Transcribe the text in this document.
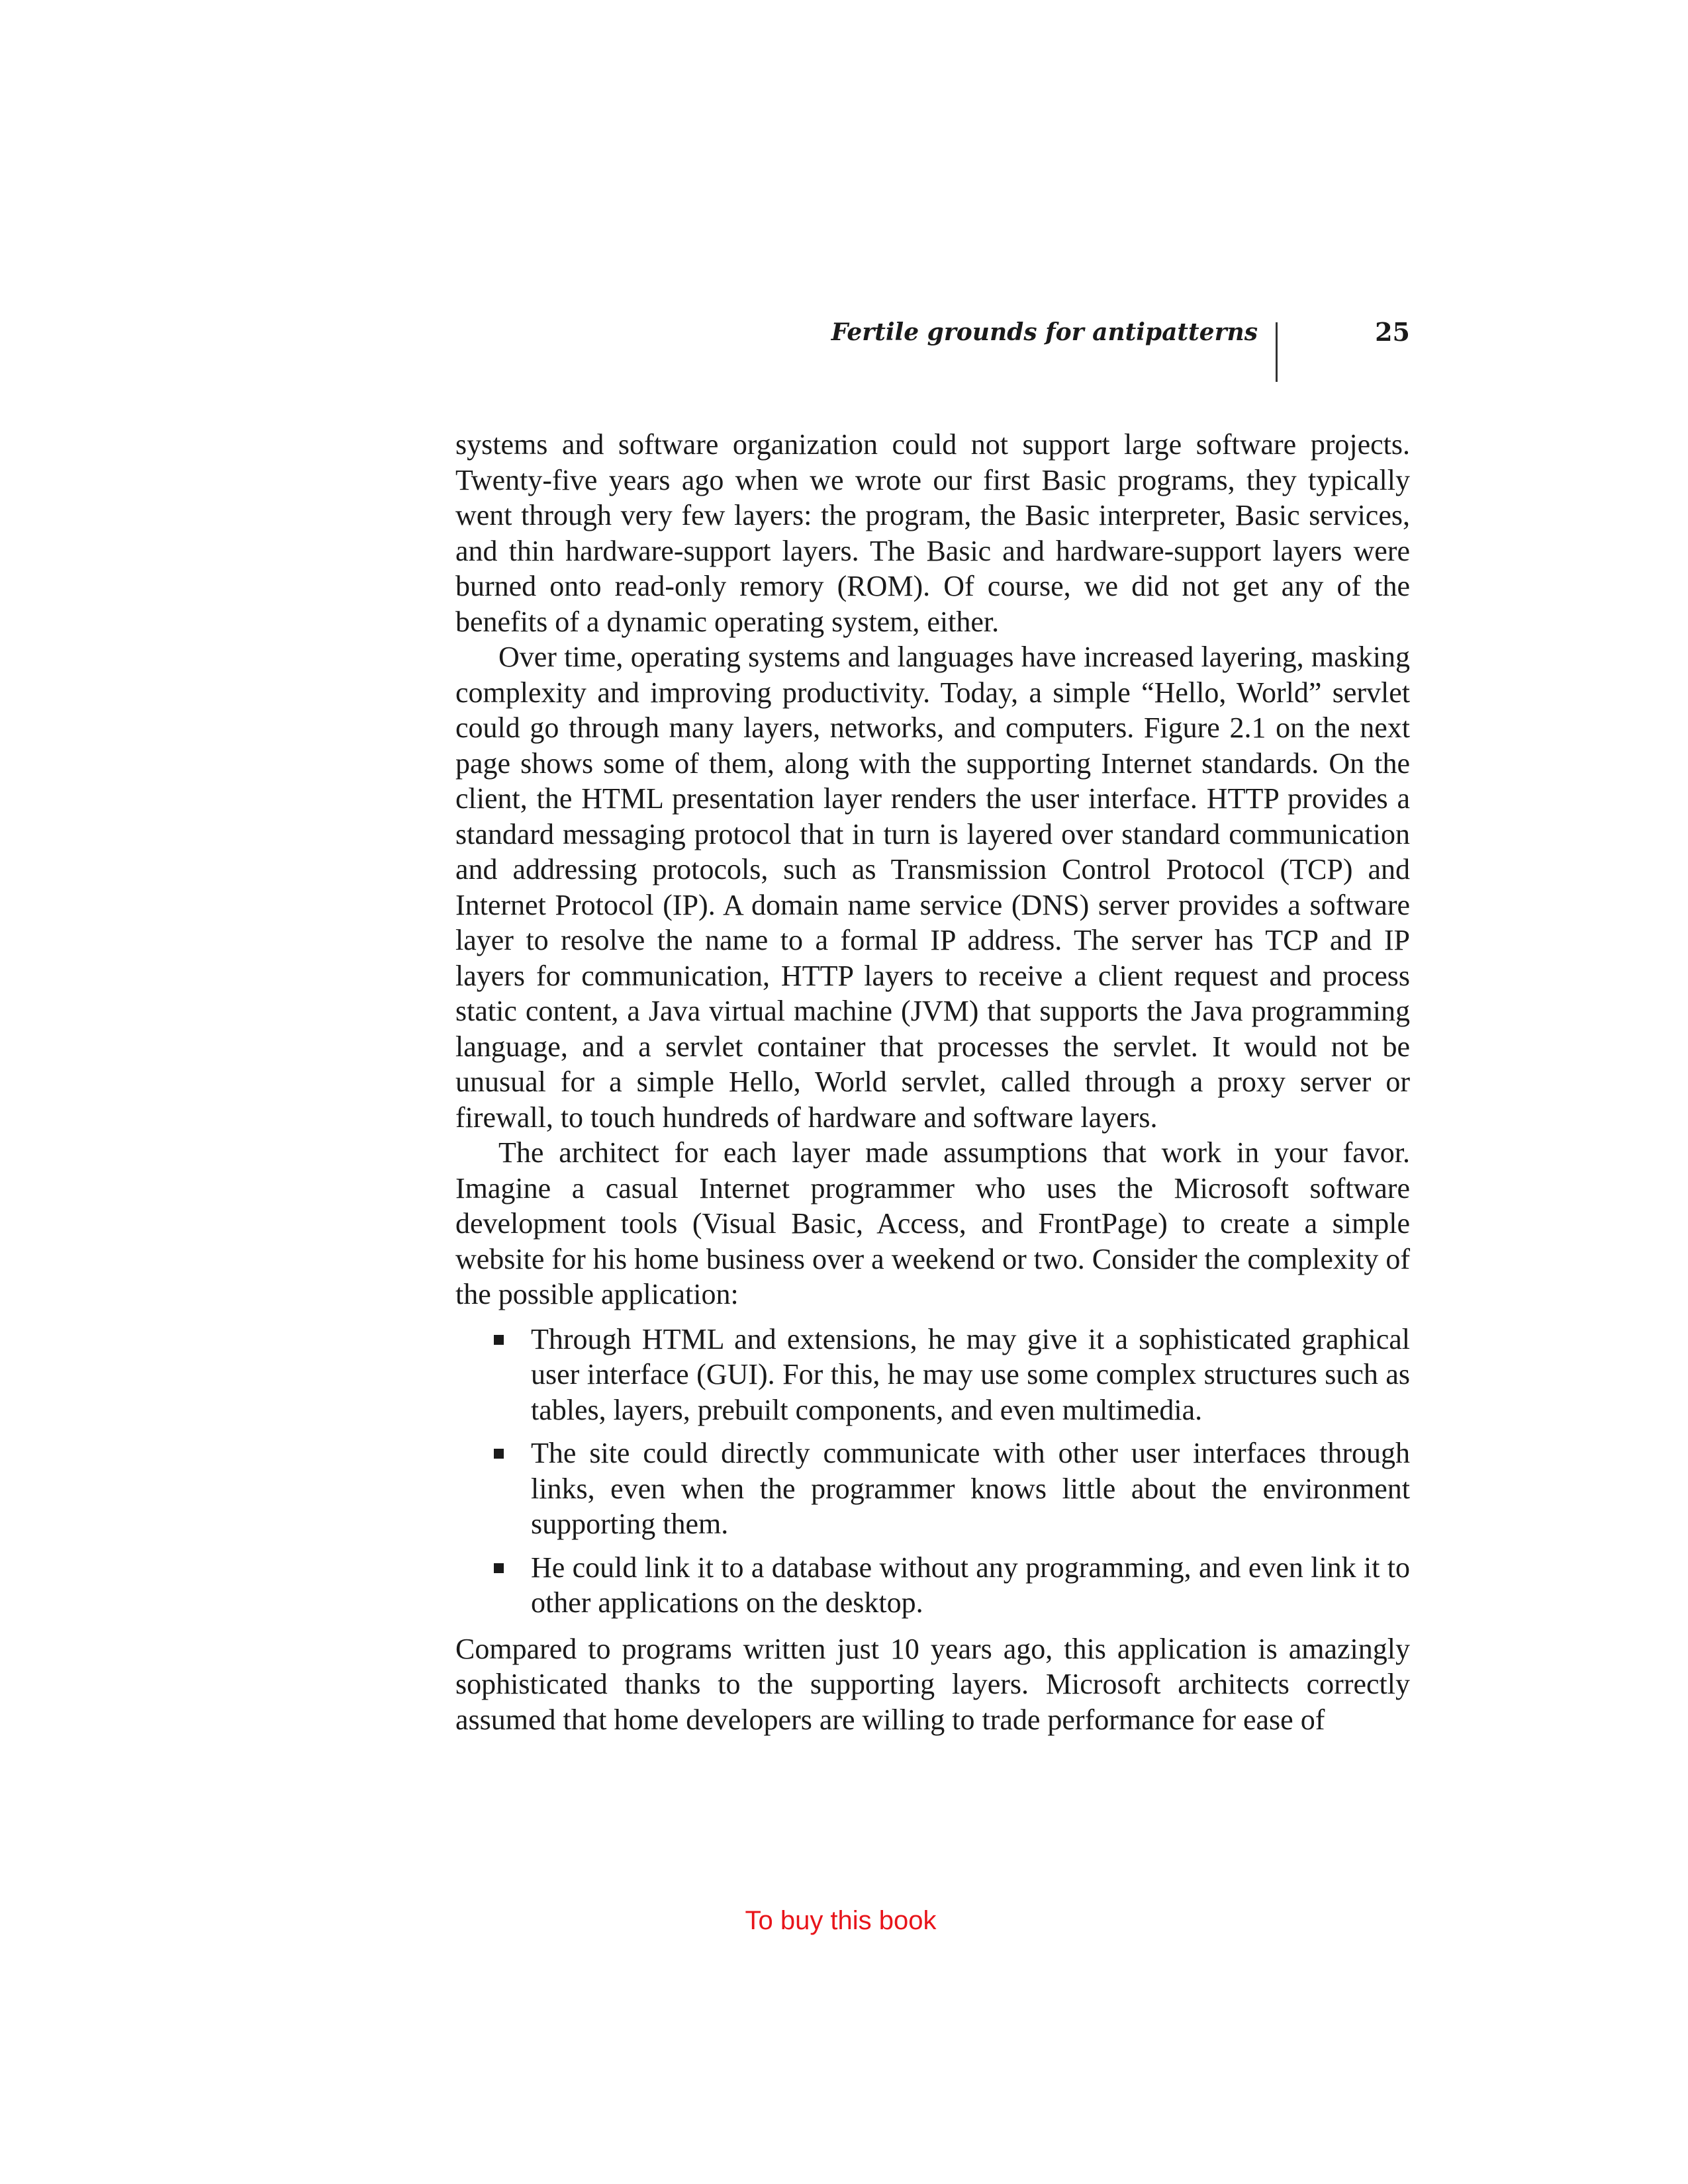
Fertile grounds for antipatterns	25

systems and software organization could not support large software projects. Twenty-five years ago when we wrote our first Basic programs, they typically went through very few layers: the program, the Basic interpreter, Basic services, and thin hardware-support layers. The Basic and hardware-support layers were burned onto read-only remory (ROM). Of course, we did not get any of the benefits of a dynamic operating system, either.

Over time, operating systems and languages have increased layering, masking complexity and improving productivity. Today, a simple “Hello, World” servlet could go through many layers, networks, and computers. Figure 2.1 on the next page shows some of them, along with the supporting Internet standards. On the client, the HTML presentation layer renders the user interface. HTTP provides a standard messaging protocol that in turn is layered over standard communication and addressing protocols, such as Transmission Control Protocol (TCP) and Internet Protocol (IP). A domain name service (DNS) server provides a software layer to resolve the name to a formal IP address. The server has TCP and IP layers for communication, HTTP layers to receive a client request and process static content, a Java virtual machine (JVM) that supports the Java programming language, and a servlet container that processes the servlet. It would not be unusual for a simple Hello, World servlet, called through a proxy server or firewall, to touch hundreds of hardware and software layers.

The architect for each layer made assumptions that work in your favor. Imagine a casual Internet programmer who uses the Microsoft software development tools (Visual Basic, Access, and FrontPage) to create a simple website for his home business over a weekend or two. Consider the complexity of the possible application:

Through HTML and extensions, he may give it a sophisticated graphical user interface (GUI). For this, he may use some complex structures such as tables, layers, prebuilt components, and even multimedia.
The site could directly communicate with other user interfaces through links, even when the programmer knows little about the environment supporting them.
He could link it to a database without any programming, and even link it to other applications on the desktop.

Compared to programs written just 10 years ago, this application is amazingly sophisticated thanks to the supporting layers. Microsoft architects correctly assumed that home developers are willing to trade performance for ease of

To buy this book
